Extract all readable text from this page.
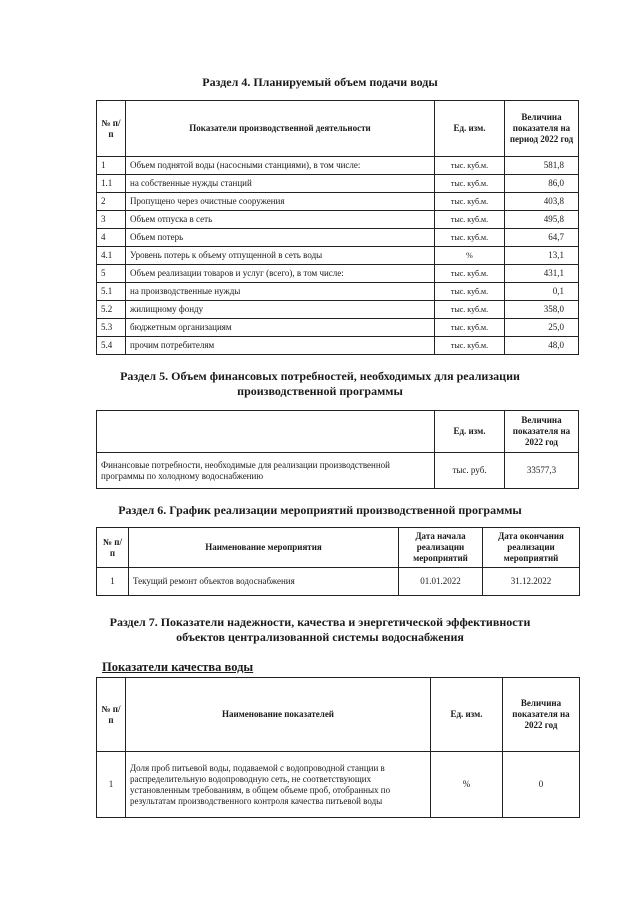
Раздел 4. Планируемый объем подачи воды
№ п/п	Показатели производственной деятельности	Ед. изм.	Величина показателя на период 2022 год
1	Объем поднятой воды (насосными станциями), в том числе:	тыс. куб.м.	581,8
1.1	на собственные нужды станций	тыс. куб.м.	86,0
2	Пропущено через очистные сооружения	тыс. куб.м.	403,8
3	Объем отпуска в сеть	тыс. куб.м.	495,8
4	Объем потерь	тыс. куб.м.	64,7
4.1	Уровень потерь к объему отпущенной в сеть воды	%	13,1
5	Объем реализации товаров и услуг (всего), в том числе:	тыс. куб.м.	431,1
5.1	на производственные нужды	тыс. куб.м.	0,1
5.2	жилищному фонду	тыс. куб.м.	358,0
5.3	бюджетным организациям	тыс. куб.м.	25,0
5.4	прочим потребителям	тыс. куб.м.	48,0
Раздел 5. Объем финансовых потребностей, необходимых для реализации
производственной программы
	Ед. изм.	Величина показателя на 2022 год
Финансовые потребности, необходимые для реализации производственной программы по холодному водоснабжению	тыс. руб.	33577,3
Раздел 6. График реализации мероприятий производственной программы
№ п/п	Наименование мероприятия	Дата начала реализации мероприятий	Дата окончания реализации мероприятий
1	Текущий ремонт объектов водоснабжения	01.01.2022	31.12.2022
Раздел 7. Показатели надежности, качества и энергетической эффективности
объектов централизованной системы водоснабжения
Показатели качества воды
№ п/п	Наименование показателей	Ед. изм.	Величина показателя на 2022 год
1	Доля проб питьевой воды, подаваемой с водопроводной станции в распределительную водопроводную сеть, не соответствующих установленным требованиям, в общем объеме проб, отобранных по результатам производственного контроля качества питьевой воды	%	0
